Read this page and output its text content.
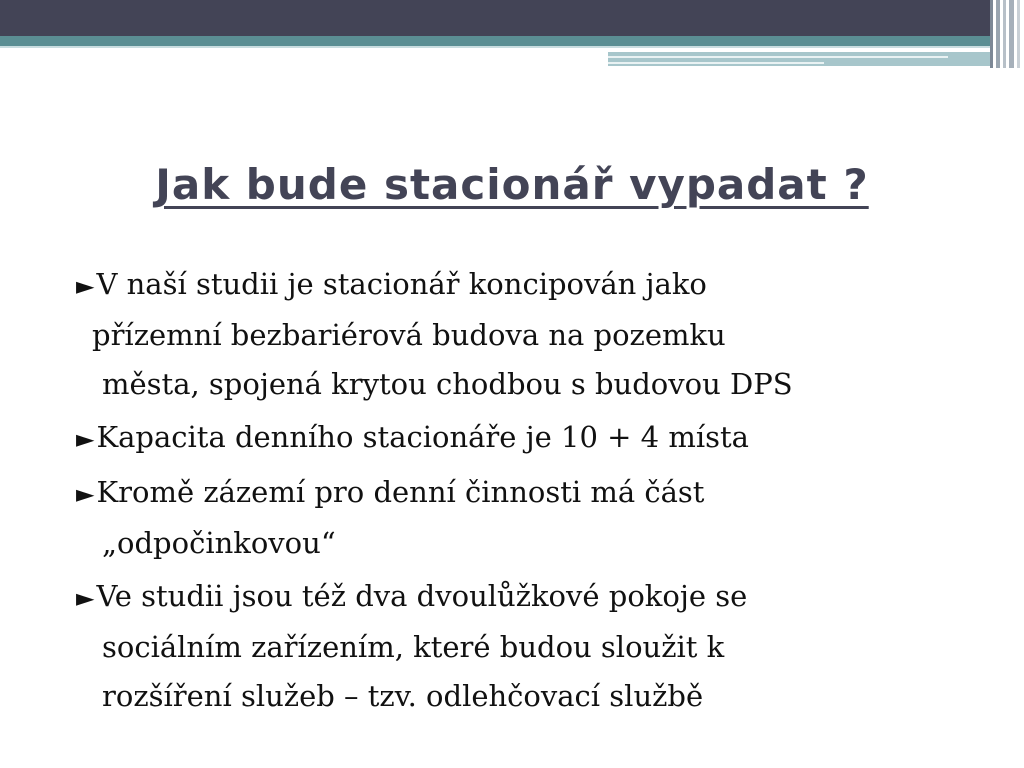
Jak bude stacionář vypadat ?
►V naší studii je stacionář koncipován jako
přízemní bezbariérová budova na pozemku
města, spojená krytou chodbou s budovou DPS
►Kapacita denního stacionáře je 10 + 4 místa
►Kromě zázemí pro denní činnosti má část
„odpočinkovou“
►Ve studii jsou též dva dvoulůžkové pokoje se
sociálním zařízením, které budou sloužit k
rozšíření služeb – tzv. odlehčovací službě
